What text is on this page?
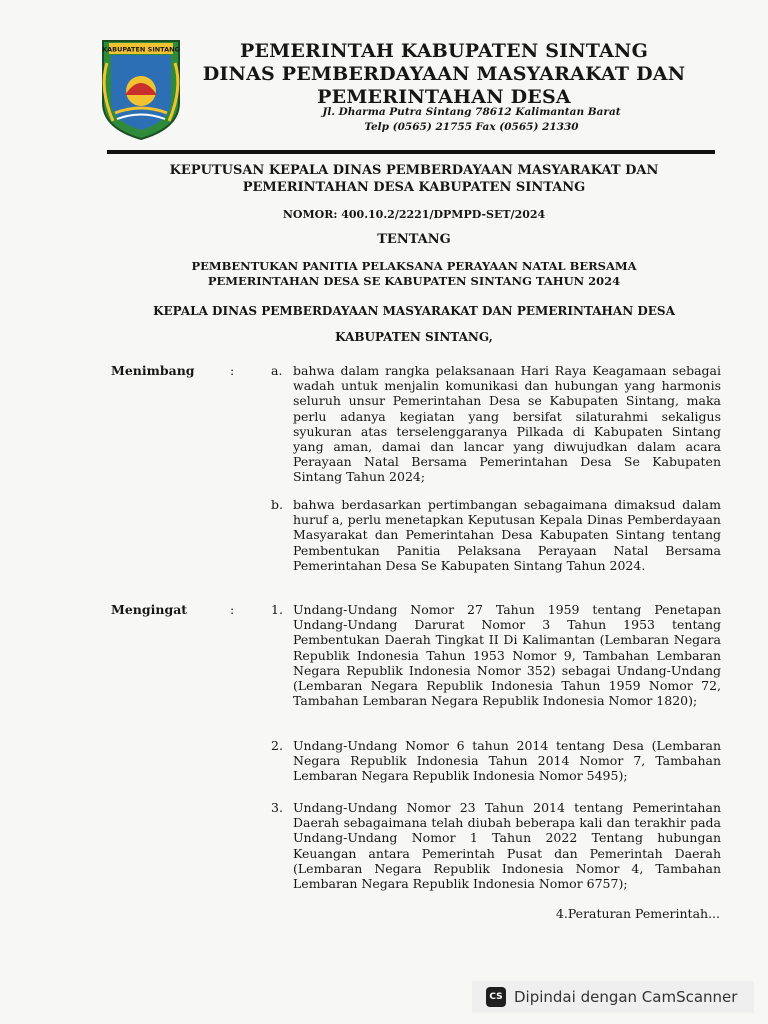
KABUPATEN SINTANG	PEMERINTAH KABUPATEN SINTANG
DINAS PEMBERDAYAAN MASYARAKAT DAN
PEMERINTAHAN DESA
Jl. Dharma Putra Sintang 78612 Kalimantan Barat
Telp (0565) 21755 Fax (0565) 21330
KEPUTUSAN KEPALA DINAS PEMBERDAYAAN MASYARAKAT DAN
PEMERINTAHAN DESA KABUPATEN SINTANG
NOMOR: 400.10.2/2221/DPMPD-SET/2024
TENTANG
PEMBENTUKAN PANITIA PELAKSANA PERAYAAN NATAL BERSAMA
PEMERINTAHAN DESA SE KABUPATEN SINTANG TAHUN 2024
KEPALA DINAS PEMBERDAYAAN MASYARAKAT DAN PEMERINTAHAN DESA
KABUPATEN SINTANG,
Menimbang	:	a. bahwa dalam rangka pelaksanaan Hari Raya Keagamaan sebagai wadah untuk menjalin komunikasi dan hubungan yang harmonis seluruh unsur Pemerintahan Desa se Kabupaten Sintang, maka perlu adanya kegiatan yang bersifat silaturahmi sekaligus syukuran atas terselenggaranya Pilkada di Kabupaten Sintang yang aman, damai dan lancar yang diwujudkan dalam acara Perayaan Natal Bersama Pemerintahan Desa Se Kabupaten Sintang Tahun 2024;
b. bahwa berdasarkan pertimbangan sebagaimana dimaksud dalam huruf a, perlu menetapkan Keputusan Kepala Dinas Pemberdayaan Masyarakat dan Pemerintahan Desa Kabupaten Sintang tentang Pembentukan Panitia Pelaksana Perayaan Natal Bersama Pemerintahan Desa Se Kabupaten Sintang Tahun 2024.
Mengingat	:	1. Undang-Undang Nomor 27 Tahun 1959 tentang Penetapan Undang-Undang Darurat Nomor 3 Tahun 1953 tentang Pembentukan Daerah Tingkat II Di Kalimantan (Lembaran Negara Republik Indonesia Tahun 1953 Nomor 9, Tambahan Lembaran Negara Republik Indonesia Nomor 352) sebagai Undang-Undang (Lembaran Negara Republik Indonesia Tahun 1959 Nomor 72, Tambahan Lembaran Negara Republik Indonesia Nomor 1820);
2. Undang-Undang Nomor 6 tahun 2014 tentang Desa (Lembaran Negara Republik Indonesia Tahun 2014 Nomor 7, Tambahan Lembaran Negara Republik Indonesia Nomor 5495);
3. Undang-Undang Nomor 23 Tahun 2014 tentang Pemerintahan Daerah sebagaimana telah diubah beberapa kali dan terakhir pada Undang-Undang Nomor 1 Tahun 2022 Tentang hubungan Keuangan antara Pemerintah Pusat dan Pemerintah Daerah (Lembaran Negara Republik Indonesia Nomor 4, Tambahan Lembaran Negara Republik Indonesia Nomor 6757);
4.Peraturan Pemerintah...
CS Dipindai dengan CamScanner
